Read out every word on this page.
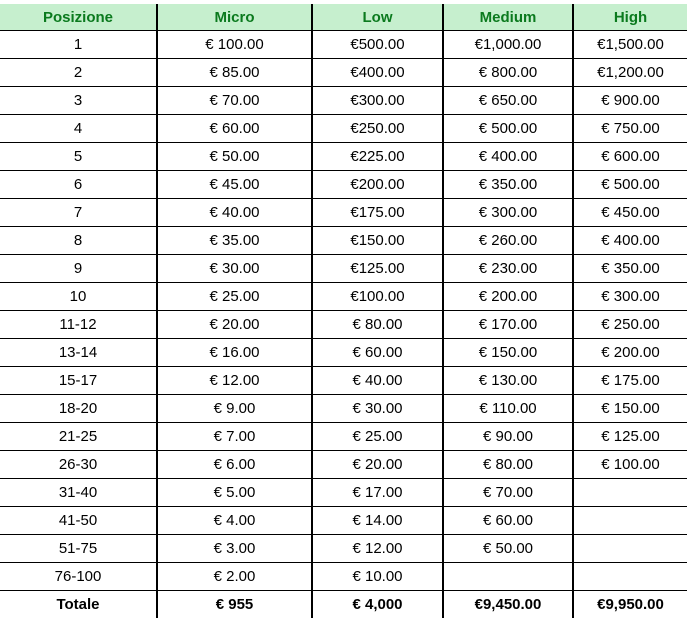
Posizione	Micro	Low	Medium	High
1	€ 100.00	€500.00	€1,000.00	€1,500.00
2	€ 85.00	€400.00	€ 800.00	€1,200.00
3	€ 70.00	€300.00	€ 650.00	€ 900.00
4	€ 60.00	€250.00	€ 500.00	€ 750.00
5	€ 50.00	€225.00	€ 400.00	€ 600.00
6	€ 45.00	€200.00	€ 350.00	€ 500.00
7	€ 40.00	€175.00	€ 300.00	€ 450.00
8	€ 35.00	€150.00	€ 260.00	€ 400.00
9	€ 30.00	€125.00	€ 230.00	€ 350.00
10	€ 25.00	€100.00	€ 200.00	€ 300.00
11-12	€ 20.00	€ 80.00	€ 170.00	€ 250.00
13-14	€ 16.00	€ 60.00	€ 150.00	€ 200.00
15-17	€ 12.00	€ 40.00	€ 130.00	€ 175.00
18-20	€ 9.00	€ 30.00	€ 110.00	€ 150.00
21-25	€ 7.00	€ 25.00	€ 90.00	€ 125.00
26-30	€ 6.00	€ 20.00	€ 80.00	€ 100.00
31-40	€ 5.00	€ 17.00	€ 70.00	
41-50	€ 4.00	€ 14.00	€ 60.00	
51-75	€ 3.00	€ 12.00	€ 50.00	
76-100	€ 2.00	€ 10.00		
Totale	€ 955	€ 4,000	€9,450.00	€9,950.00
